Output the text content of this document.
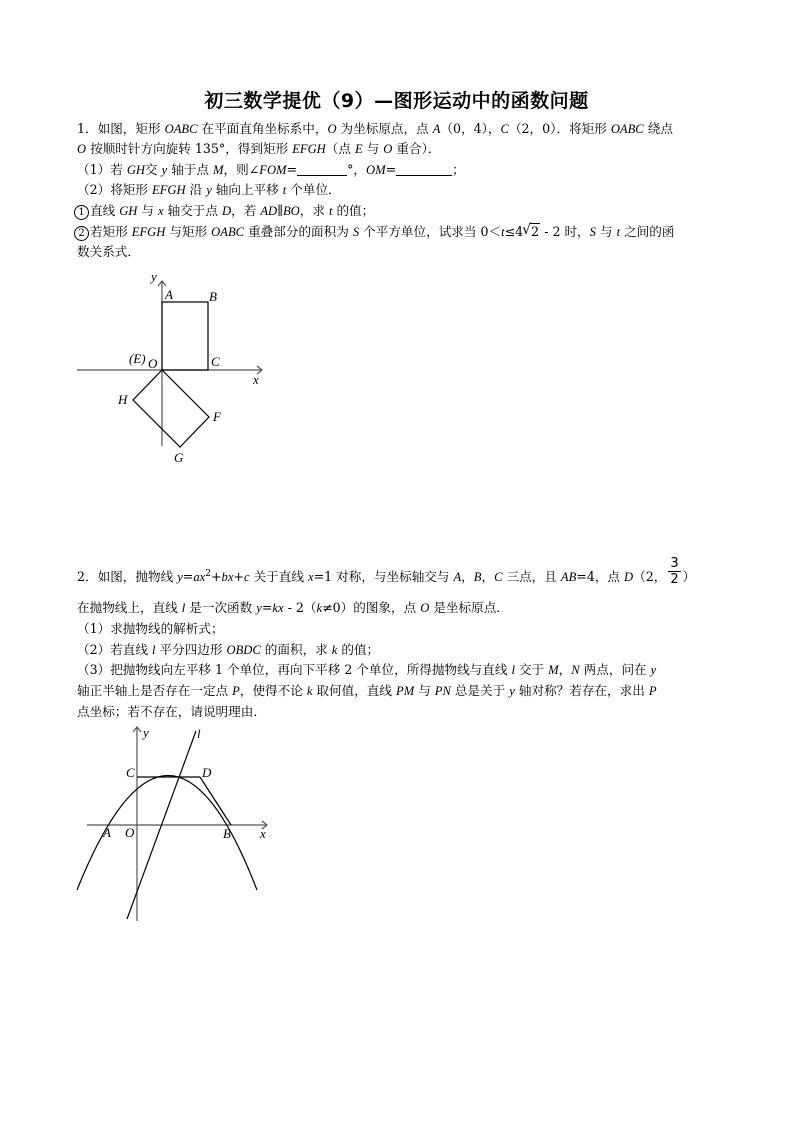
初三数学提优（9）—图形运动中的函数问题
1．如图，矩形 OABC 在平面直角坐标系中，O 为坐标原点，点 A（0，4），C（2，0）．将矩形 OABC 绕点
O 按顺时针方向旋转 135°，得到矩形 EFGH（点 E 与 O 重合）．
（1）若 GH交 y 轴于点 M，则∠FOM=	°，OM=	；
（2）将矩形 EFGH 沿 y 轴向上平移 t 个单位．
1 直线 GH 与 x 轴交于点 D，若 AD∥BO，求 t 的值；
2 若矩形 EFGH 与矩形 OABC 重叠部分的面积为 S 个平方单位，试求当 0＜t≤4 √ 2 - 2 时，S 与 t 之间的函
数关系式．
y
A	B
(E) O	C
x
H
F
G
2．如图，抛物线 $y=ax^2+bx+c$ 关于直线 x=1 对称，与坐标轴交与 A，B，C 三点，且 AB=4，点 D（2， $\frac{3}{2}$ ）
在抛物线上，直线 l 是一次函数 y=kx - 2（k≠0）的图象，点 O 是坐标原点．
（1）求抛物线的解析式；
（2）若直线 l 平分四边形 OBDC 的面积，求 k 的值；
（3）把抛物线向左平移 1 个单位，再向下平移 2 个单位，所得抛物线与直线 l 交于 M，N 两点，问在 y
轴正半轴上是否存在一定点 P，使得不论 k 取何值，直线 PM 与 PN 总是关于 y 轴对称？若存在，求出 P
点坐标；若不存在，请说明理由．
y	l
C	D
A O	B x
